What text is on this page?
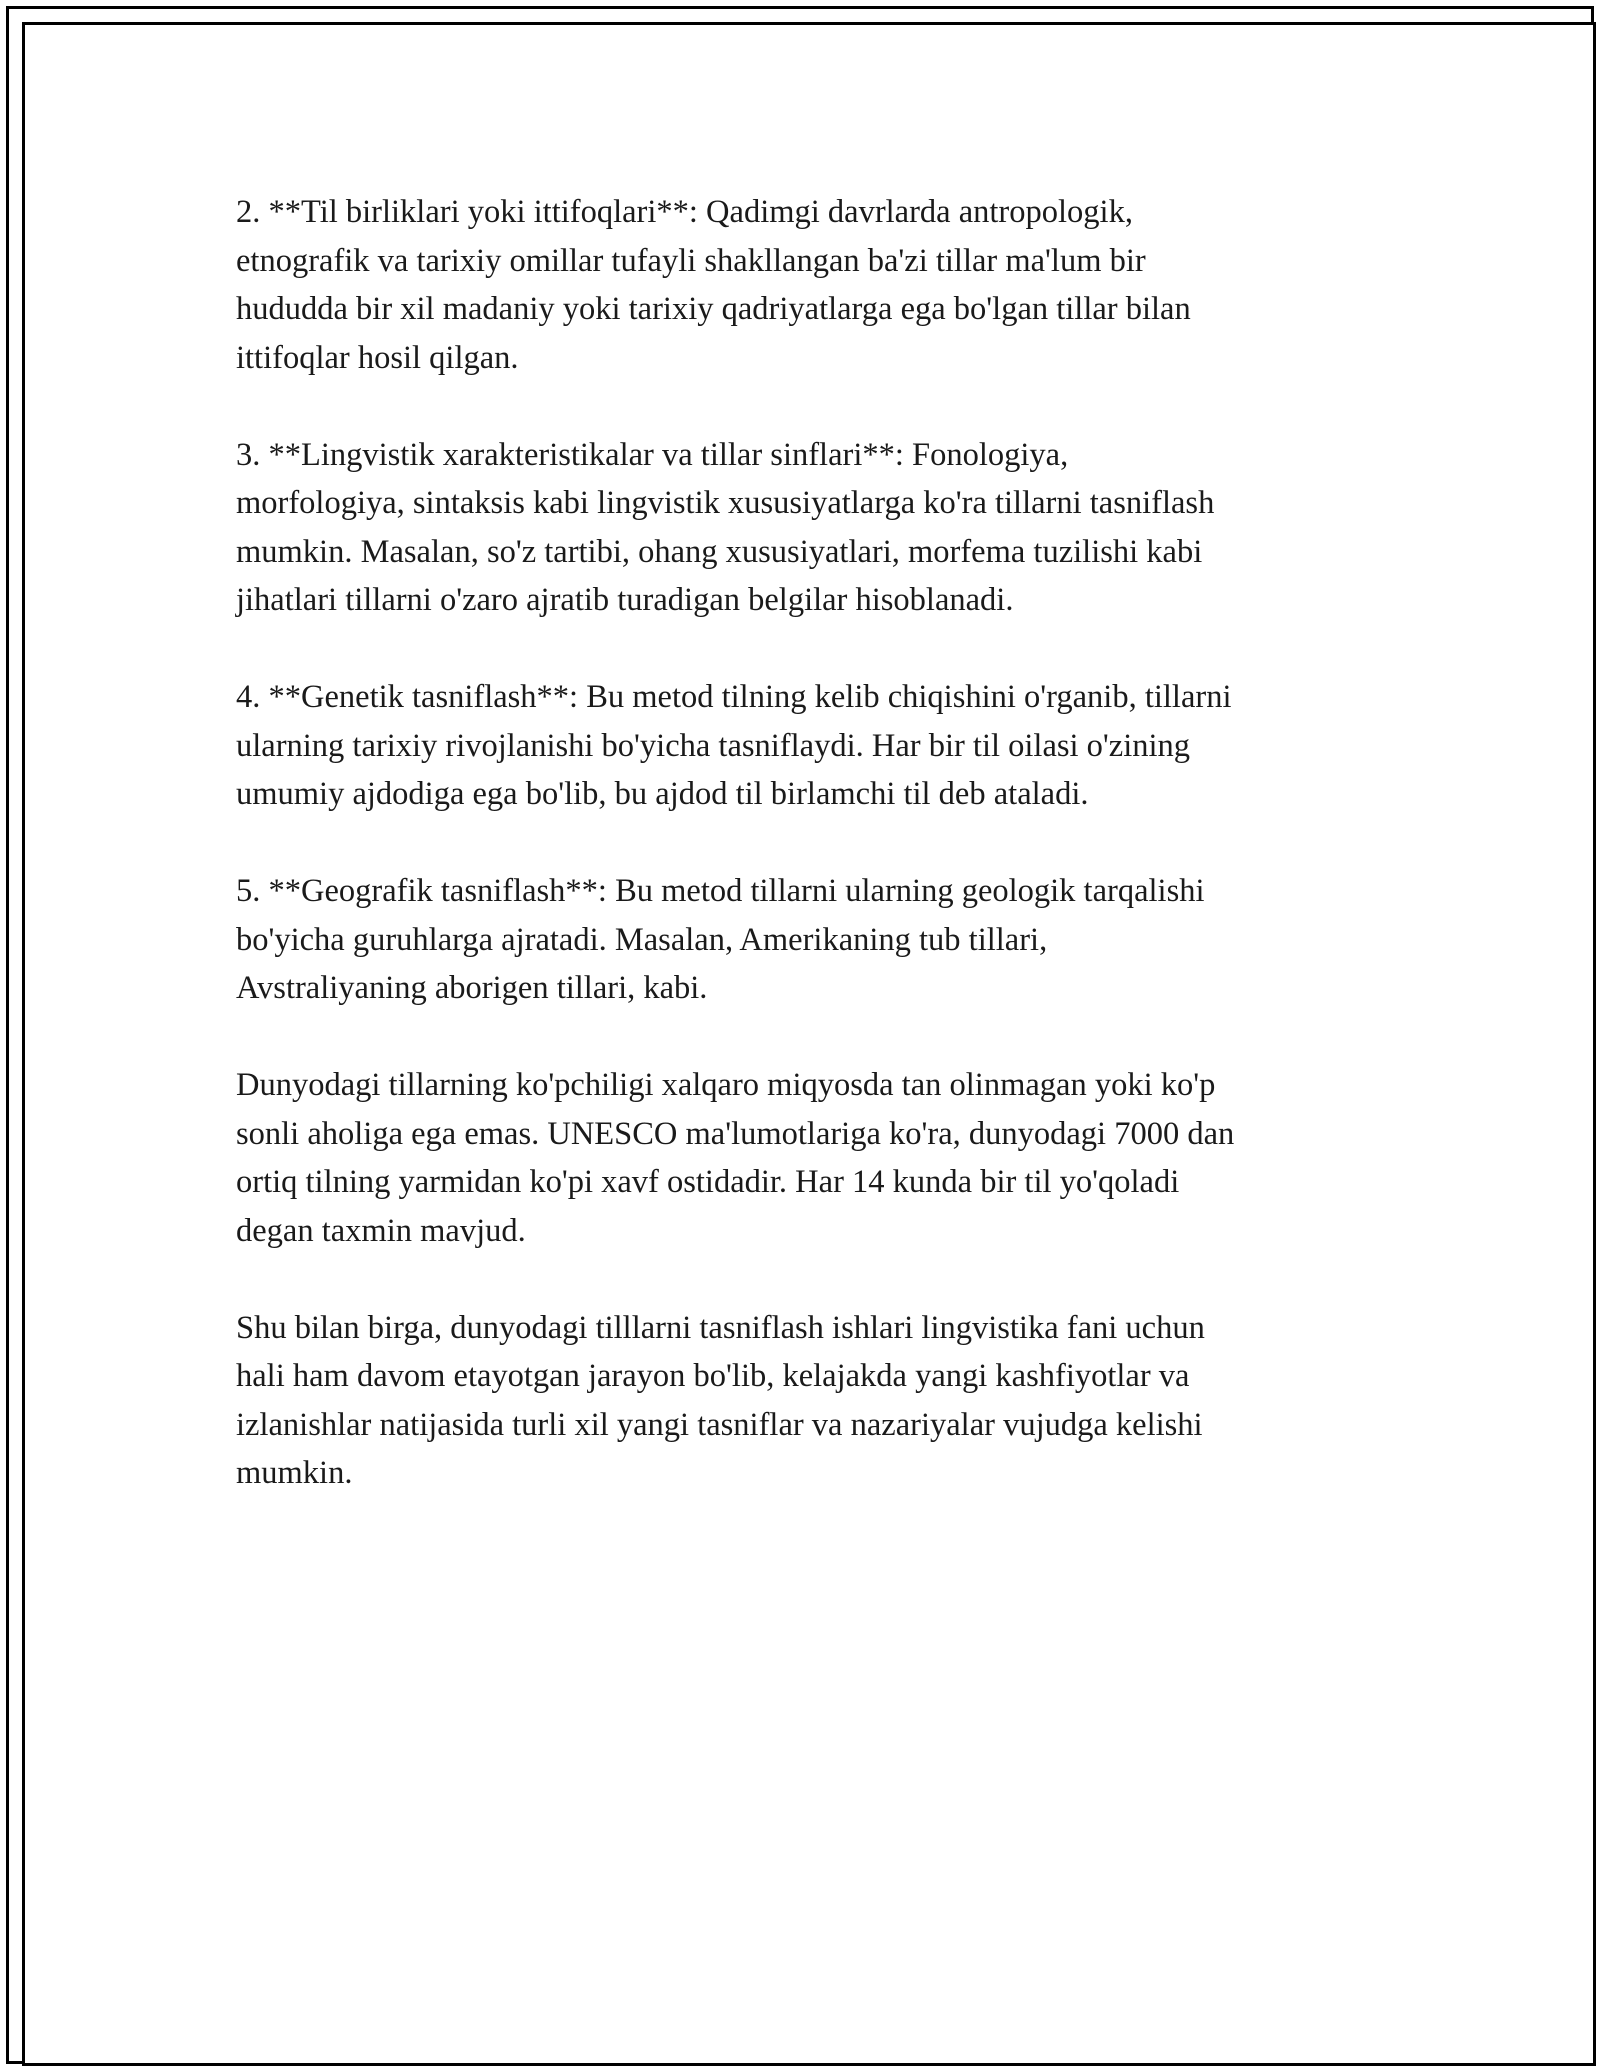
2. **Til birliklari yoki ittifoqlari**: Qadimgi davrlarda antropologik,
etnografik va tarixiy omillar tufayli shakllangan ba'zi tillar ma'lum bir
hududda bir xil madaniy yoki tarixiy qadriyatlarga ega bo'lgan tillar bilan
ittifoqlar hosil qilgan.

3. **Lingvistik xarakteristikalar va tillar sinflari**: Fonologiya,
morfologiya, sintaksis kabi lingvistik xususiyatlarga ko'ra tillarni tasniflash
mumkin. Masalan, so'z tartibi, ohang xususiyatlari, morfema tuzilishi kabi
jihatlari tillarni o'zaro ajratib turadigan belgilar hisoblanadi.

4. **Genetik tasniflash**: Bu metod tilning kelib chiqishini o'rganib, tillarni
ularning tarixiy rivojlanishi bo'yicha tasniflaydi. Har bir til oilasi o'zining
umumiy ajdodiga ega bo'lib, bu ajdod til birlamchi til deb ataladi.

5. **Geografik tasniflash**: Bu metod tillarni ularning geologik tarqalishi
bo'yicha guruhlarga ajratadi. Masalan, Amerikaning tub tillari,
Avstraliyaning aborigen tillari, kabi.

Dunyodagi tillarning ko'pchiligi xalqaro miqyosda tan olinmagan yoki ko'p
sonli aholiga ega emas. UNESCO ma'lumotlariga ko'ra, dunyodagi 7000 dan
ortiq tilning yarmidan ko'pi xavf ostidadir. Har 14 kunda bir til yo'qoladi
degan taxmin mavjud.

Shu bilan birga, dunyodagi tilllarni tasniflash ishlari lingvistika fani uchun
hali ham davom etayotgan jarayon bo'lib, kelajakda yangi kashfiyotlar va
izlanishlar natijasida turli xil yangi tasniflar va nazariyalar vujudga kelishi
mumkin.
